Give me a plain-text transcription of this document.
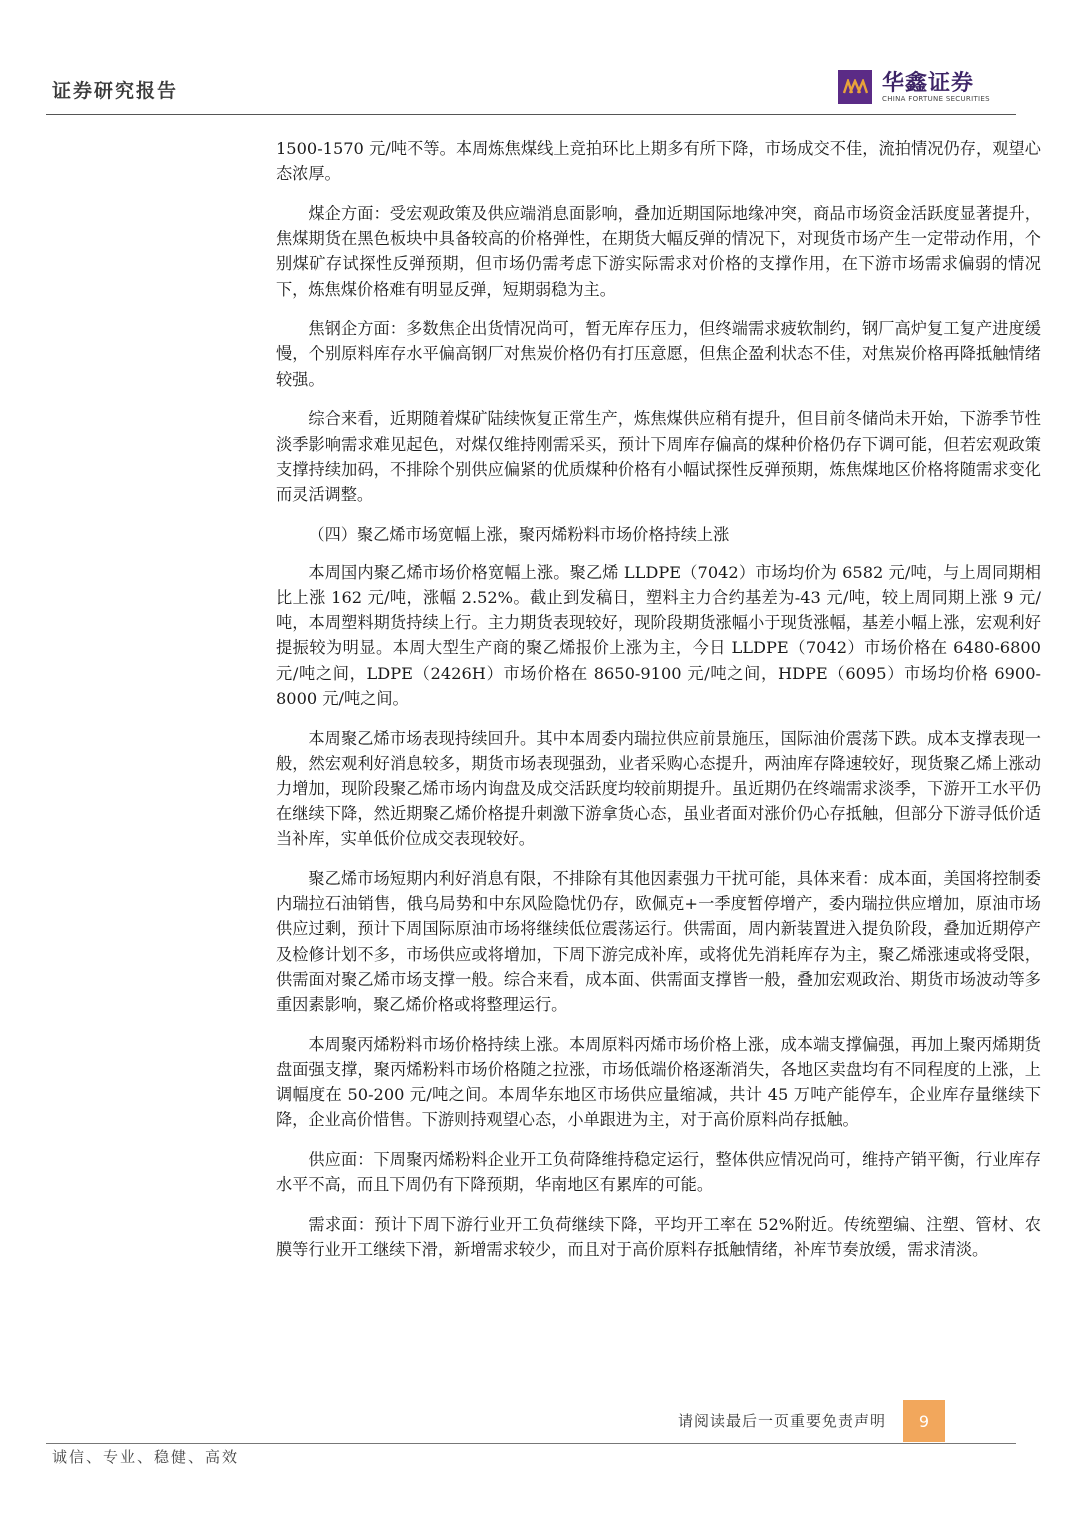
证券研究报告	华鑫证券
CHINA FORTUNE SECURITIES

1500-1570 元/吨不等。本周炼焦煤线上竞拍环比上期多有所下降，市场成交不佳，流拍情况仍存，观望心态浓厚。

煤企方面：受宏观政策及供应端消息面影响，叠加近期国际地缘冲突，商品市场资金活跃度显著提升，焦煤期货在黑色板块中具备较高的价格弹性，在期货大幅反弹的情况下，对现货市场产生一定带动作用，个别煤矿存试探性反弹预期，但市场仍需考虑下游实际需求对价格的支撑作用，在下游市场需求偏弱的情况下，炼焦煤价格难有明显反弹，短期弱稳为主。

焦钢企方面：多数焦企出货情况尚可，暂无库存压力，但终端需求疲软制约，钢厂高炉复工复产进度缓慢，个别原料库存水平偏高钢厂对焦炭价格仍有打压意愿，但焦企盈利状态不佳，对焦炭价格再降抵触情绪较强。

综合来看，近期随着煤矿陆续恢复正常生产，炼焦煤供应稍有提升，但目前冬储尚未开始，下游季节性淡季影响需求难见起色，对煤仅维持刚需采买，预计下周库存偏高的煤种价格仍存下调可能，但若宏观政策支撑持续加码，不排除个别供应偏紧的优质煤种价格有小幅试探性反弹预期，炼焦煤地区价格将随需求变化而灵活调整。

（四）聚乙烯市场宽幅上涨，聚丙烯粉料市场价格持续上涨

本周国内聚乙烯市场价格宽幅上涨。聚乙烯 LLDPE（7042）市场均价为 6582 元/吨，与上周同期相比上涨 162 元/吨，涨幅 2.52%。截止到发稿日，塑料主力合约基差为-43 元/吨，较上周同期上涨 9 元/吨，本周塑料期货持续上行。主力期货表现较好，现阶段期货涨幅小于现货涨幅，基差小幅上涨，宏观利好提振较为明显。本周大型生产商的聚乙烯报价上涨为主，今日 LLDPE（7042）市场价格在 6480-6800 元/吨之间，LDPE（2426H）市场价格在 8650-9100 元/吨之间，HDPE（6095）市场均价格 6900-8000 元/吨之间。

本周聚乙烯市场表现持续回升。其中本周委内瑞拉供应前景施压，国际油价震荡下跌。成本支撑表现一般，然宏观利好消息较多，期货市场表现强劲，业者采购心态提升，两油库存降速较好，现货聚乙烯上涨动力增加，现阶段聚乙烯市场内询盘及成交活跃度均较前期提升。虽近期仍在终端需求淡季，下游开工水平仍在继续下降，然近期聚乙烯价格提升刺激下游拿货心态，虽业者面对涨价仍心存抵触，但部分下游寻低价适当补库，实单低价位成交表现较好。

聚乙烯市场短期内利好消息有限，不排除有其他因素强力干扰可能，具体来看：成本面，美国将控制委内瑞拉石油销售，俄乌局势和中东风险隐忧仍存，欧佩克+一季度暂停增产，委内瑞拉供应增加，原油市场供应过剩，预计下周国际原油市场将继续低位震荡运行。供需面，周内新装置进入提负阶段，叠加近期停产及检修计划不多，市场供应或将增加，下周下游完成补库，或将优先消耗库存为主，聚乙烯涨速或将受限，供需面对聚乙烯市场支撑一般。综合来看，成本面、供需面支撑皆一般，叠加宏观政治、期货市场波动等多重因素影响，聚乙烯价格或将整理运行。

本周聚丙烯粉料市场价格持续上涨。本周原料丙烯市场价格上涨，成本端支撑偏强，再加上聚丙烯期货盘面强支撑，聚丙烯粉料市场价格随之拉涨，市场低端价格逐渐消失，各地区卖盘均有不同程度的上涨，上调幅度在 50-200 元/吨之间。本周华东地区市场供应量缩减，共计 45 万吨产能停车，企业库存量继续下降，企业高价惜售。下游则持观望心态，小单跟进为主，对于高价原料尚存抵触。

供应面：下周聚丙烯粉料企业开工负荷降维持稳定运行，整体供应情况尚可，维持产销平衡，行业库存水平不高，而且下周仍有下降预期，华南地区有累库的可能。

需求面：预计下周下游行业开工负荷继续下降，平均开工率在 52%附近。传统塑编、注塑、管材、农膜等行业开工继续下滑，新增需求较少，而且对于高价原料存抵触情绪，补库节奏放缓，需求清淡。

请阅读最后一页重要免责声明	9
诚信、专业、稳健、高效
